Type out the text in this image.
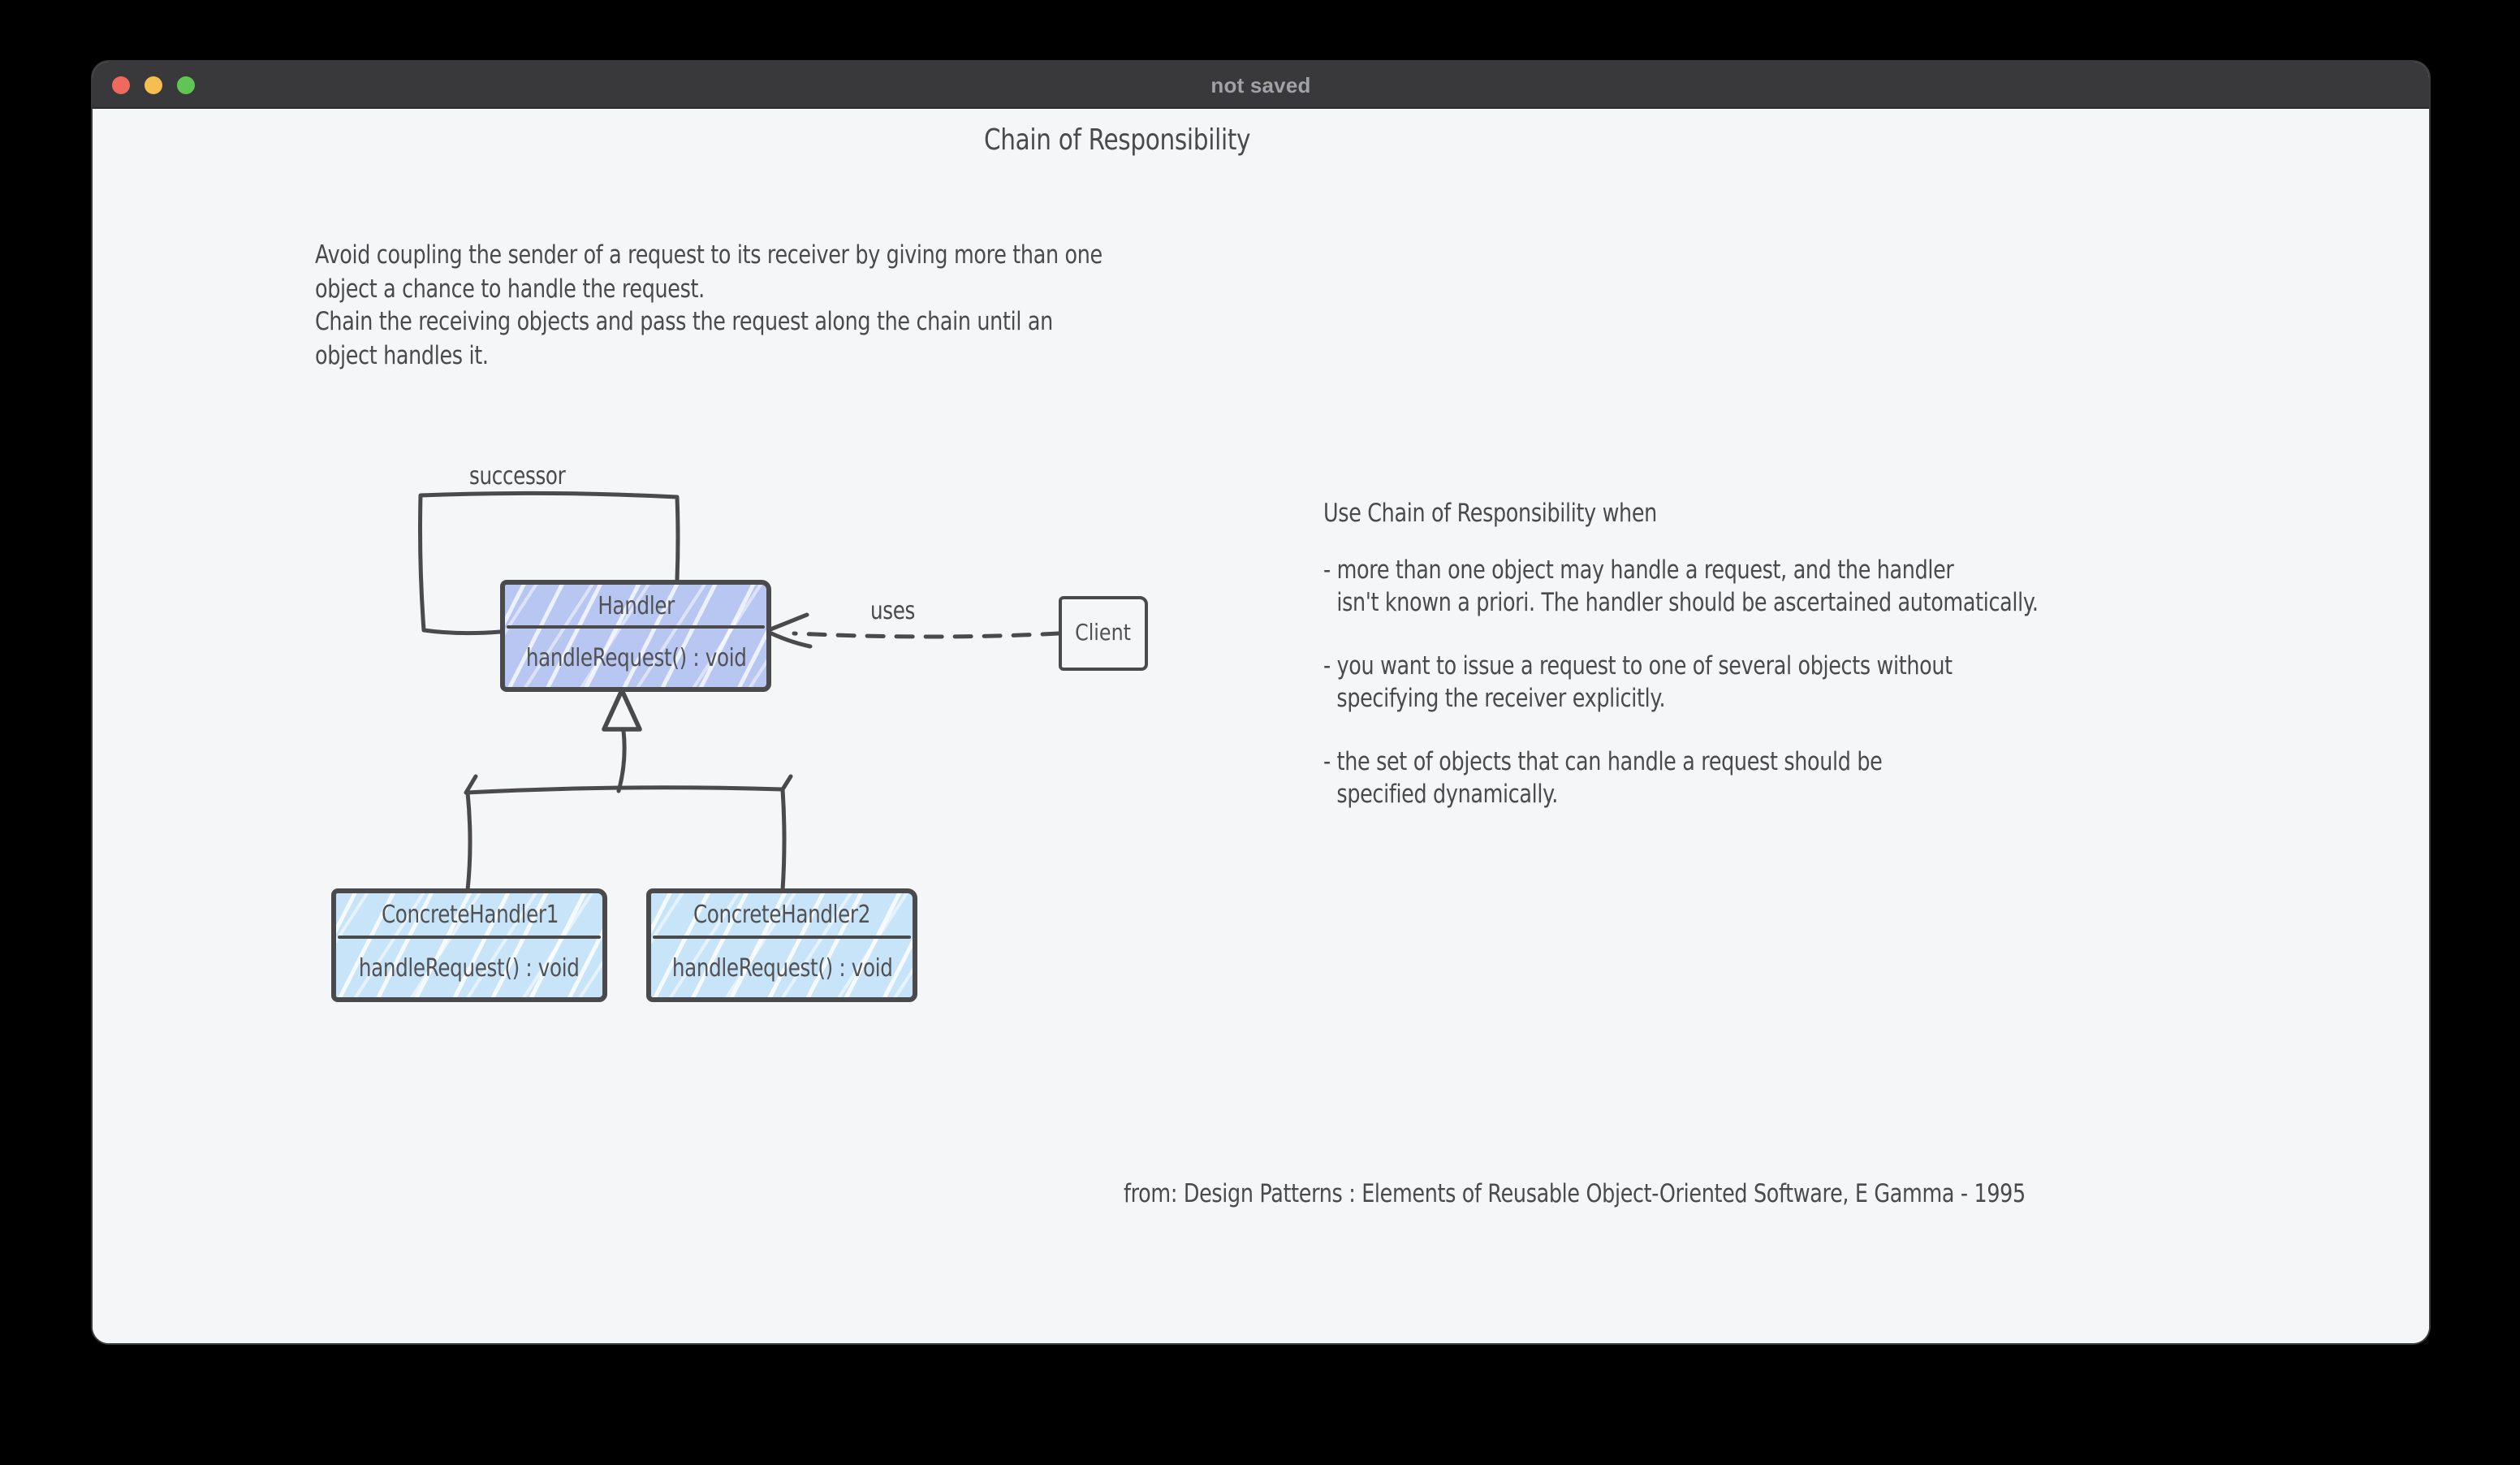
not saved
Chain of Responsibility
Avoid coupling the sender of a request to its receiver by giving more than one
object a chance to handle the request.
Chain the receiving objects and pass the request along the chain until an
object handles it.
successor
uses
Handler
handleRequest() : void
Client
ConcreteHandler1
handleRequest() : void
ConcreteHandler2
handleRequest() : void
Use Chain of Responsibility when
- more than one object may handle a request, and the handler
isn't known a priori. The handler should be ascertained automatically.
- you want to issue a request to one of several objects without
specifying the receiver explicitly.
- the set of objects that can handle a request should be
specified dynamically.
from: Design Patterns : Elements of Reusable Object-Oriented Software, E Gamma - 1995
